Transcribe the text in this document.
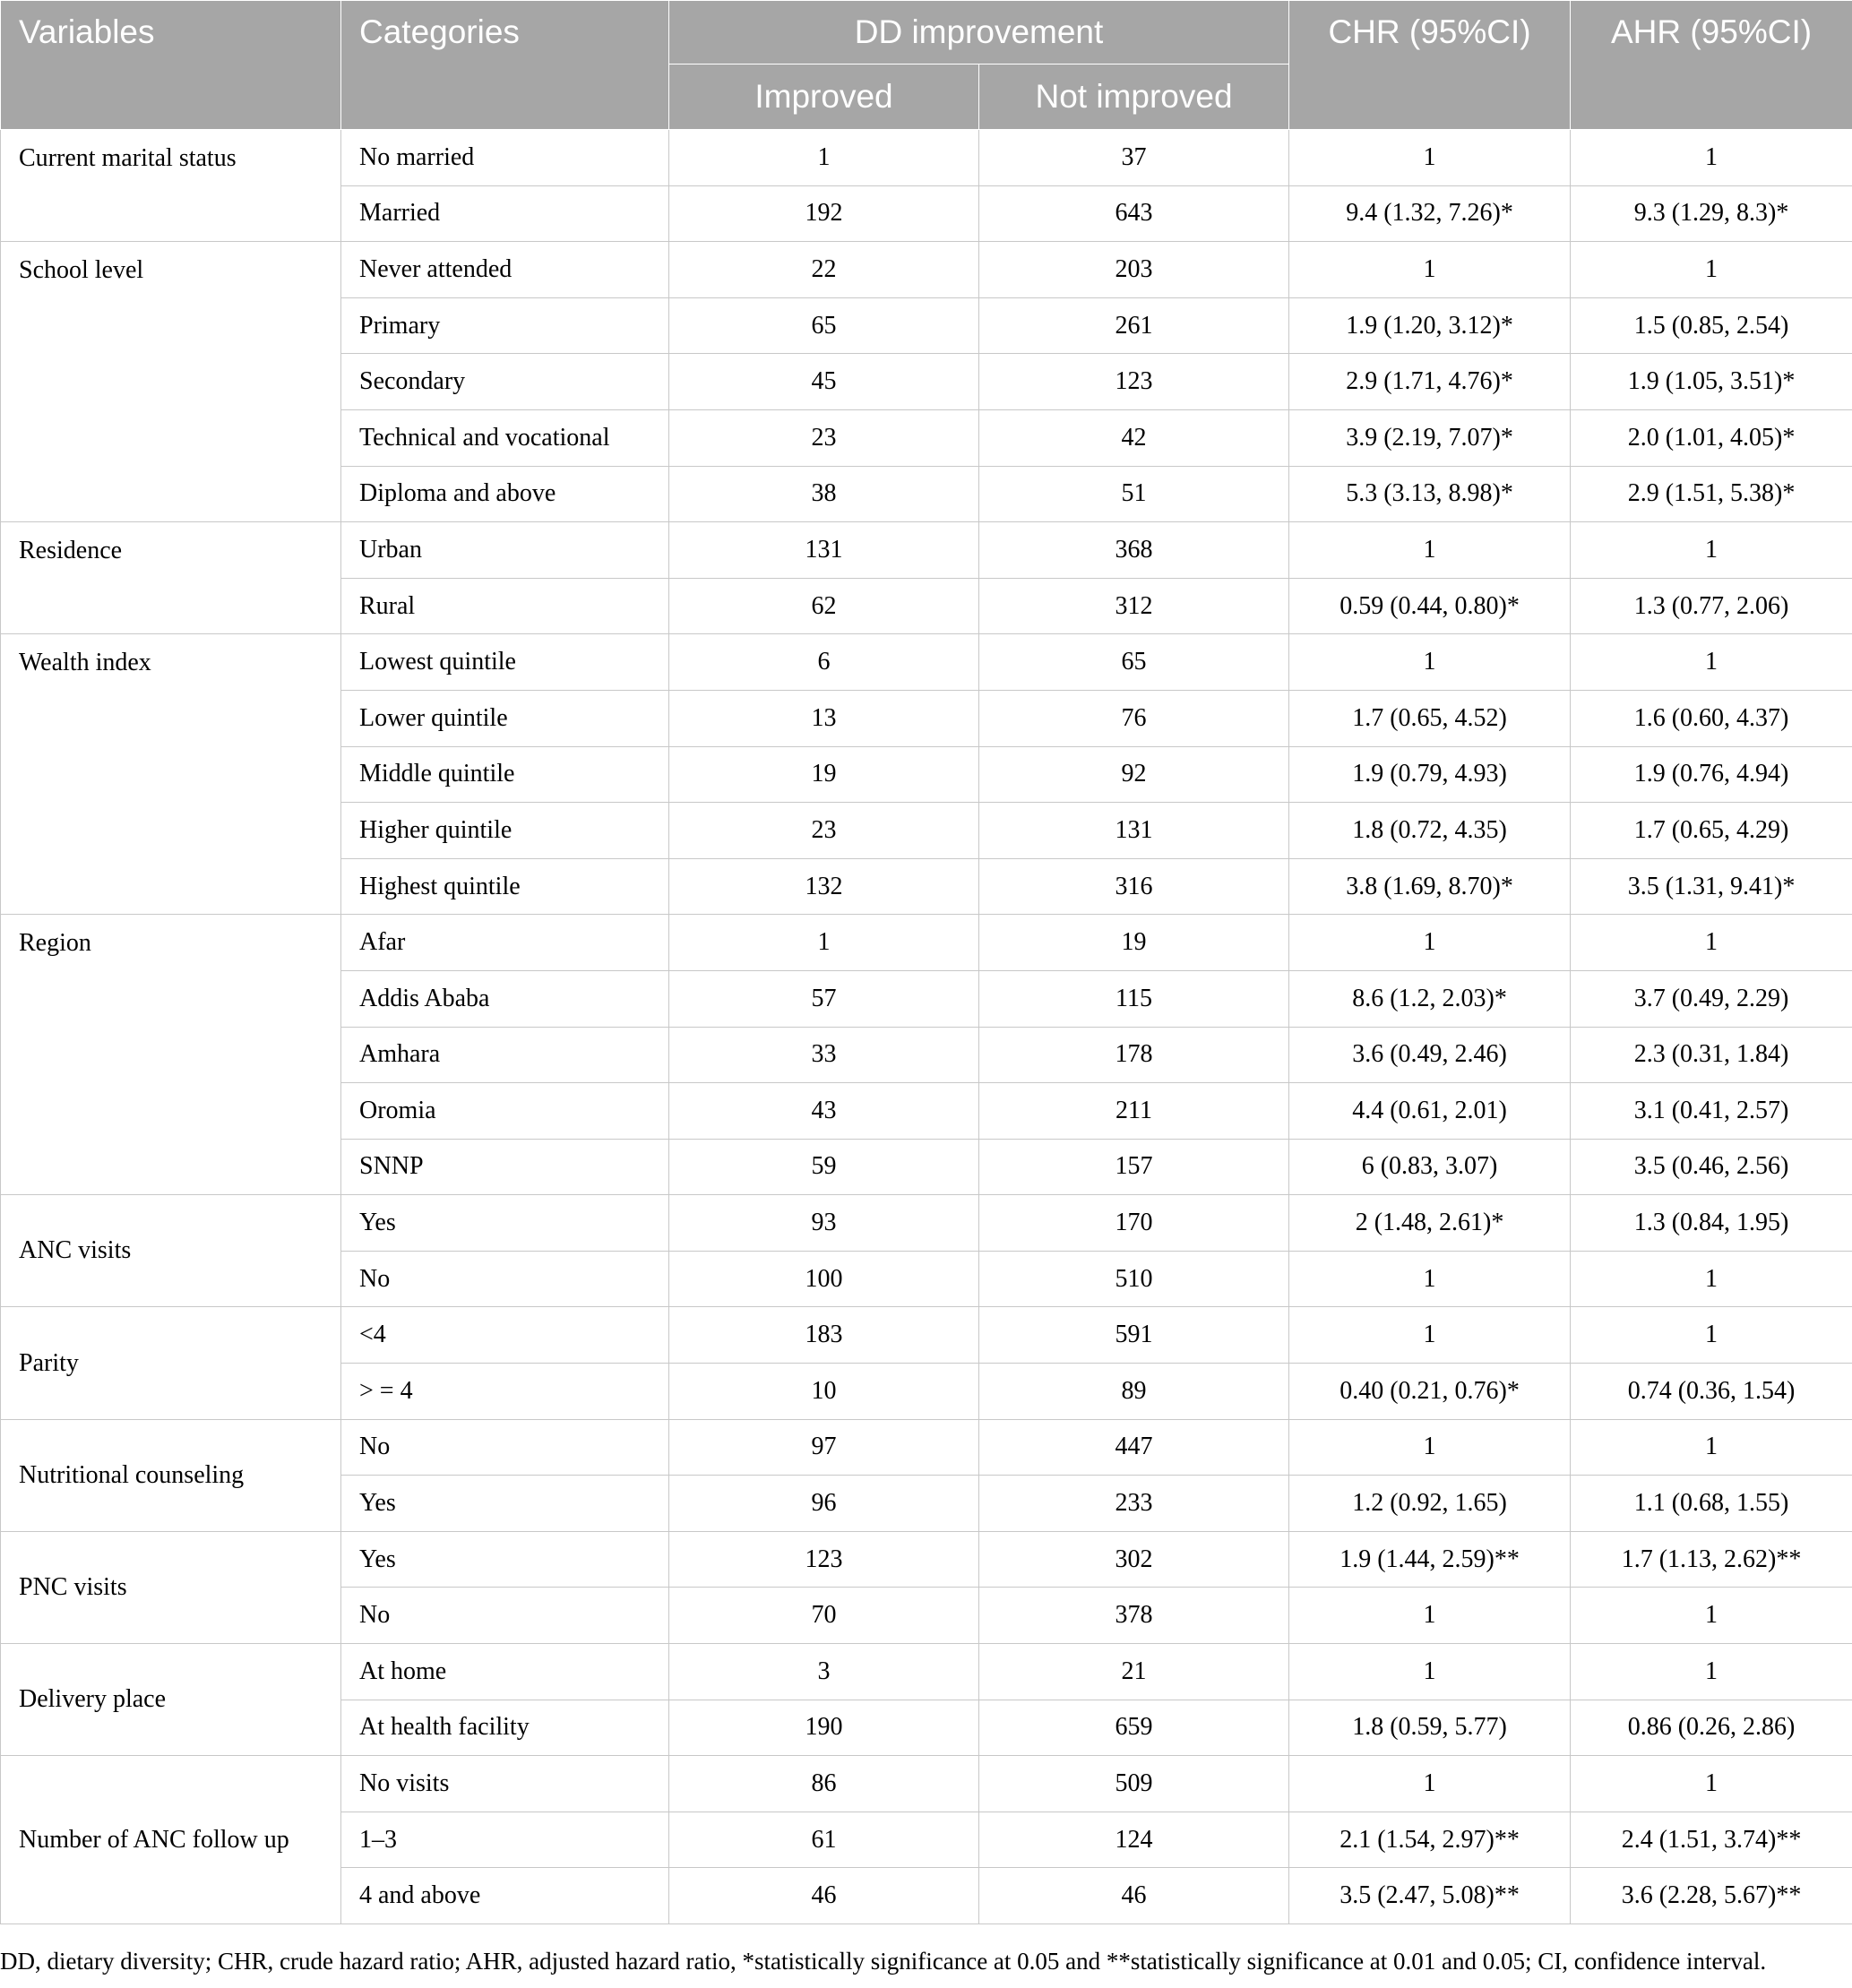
Variables	Categories	DD improvement		CHR (95%CI)	AHR (95%CI)
		Improved	Not improved		
Current marital status	No married	1	37	1	1
	Married	192	643	9.4 (1.32, 7.26)*	9.3 (1.29, 8.3)*
School level	Never attended	22	203	1	1
	Primary	65	261	1.9 (1.20, 3.12)*	1.5 (0.85, 2.54)
	Secondary	45	123	2.9 (1.71, 4.76)*	1.9 (1.05, 3.51)*
	Technical and vocational	23	42	3.9 (2.19, 7.07)*	2.0 (1.01, 4.05)*
	Diploma and above	38	51	5.3 (3.13, 8.98)*	2.9 (1.51, 5.38)*
Residence	Urban	131	368	1	1
	Rural	62	312	0.59 (0.44, 0.80)*	1.3 (0.77, 2.06)
Wealth index	Lowest quintile	6	65	1	1
	Lower quintile	13	76	1.7 (0.65, 4.52)	1.6 (0.60, 4.37)
	Middle quintile	19	92	1.9 (0.79, 4.93)	1.9 (0.76, 4.94)
	Higher quintile	23	131	1.8 (0.72, 4.35)	1.7 (0.65, 4.29)
	Highest quintile	132	316	3.8 (1.69, 8.70)*	3.5 (1.31, 9.41)*
Region	Afar	1	19	1	1
	Addis Ababa	57	115	8.6 (1.2, 2.03)*	3.7 (0.49, 2.29)
	Amhara	33	178	3.6 (0.49, 2.46)	2.3 (0.31, 1.84)
	Oromia	43	211	4.4 (0.61, 2.01)	3.1 (0.41, 2.57)
	SNNP	59	157	6 (0.83, 3.07)	3.5 (0.46, 2.56)
ANC visits	Yes	93	170	2 (1.48, 2.61)*	1.3 (0.84, 1.95)
	No	100	510	1	1
Parity	<4	183	591	1	1
	> = 4	10	89	0.40 (0.21, 0.76)*	0.74 (0.36, 1.54)
Nutritional counseling	No	97	447	1	1
	Yes	96	233	1.2 (0.92, 1.65)	1.1 (0.68, 1.55)
PNC visits	Yes	123	302	1.9 (1.44, 2.59)**	1.7 (1.13, 2.62)**
	No	70	378	1	1
Delivery place	At home	3	21	1	1
	At health facility	190	659	1.8 (0.59, 5.77)	0.86 (0.26, 2.86)
Number of ANC follow up	No visits	86	509	1	1
	1–3	61	124	2.1 (1.54, 2.97)**	2.4 (1.51, 3.74)**
	4 and above	46	46	3.5 (2.47, 5.08)**	3.6 (2.28, 5.67)**
DD, dietary diversity; CHR, crude hazard ratio; AHR, adjusted hazard ratio, *statistically significance at 0.05 and **statistically significance at 0.01 and 0.05; CI, confidence interval.
